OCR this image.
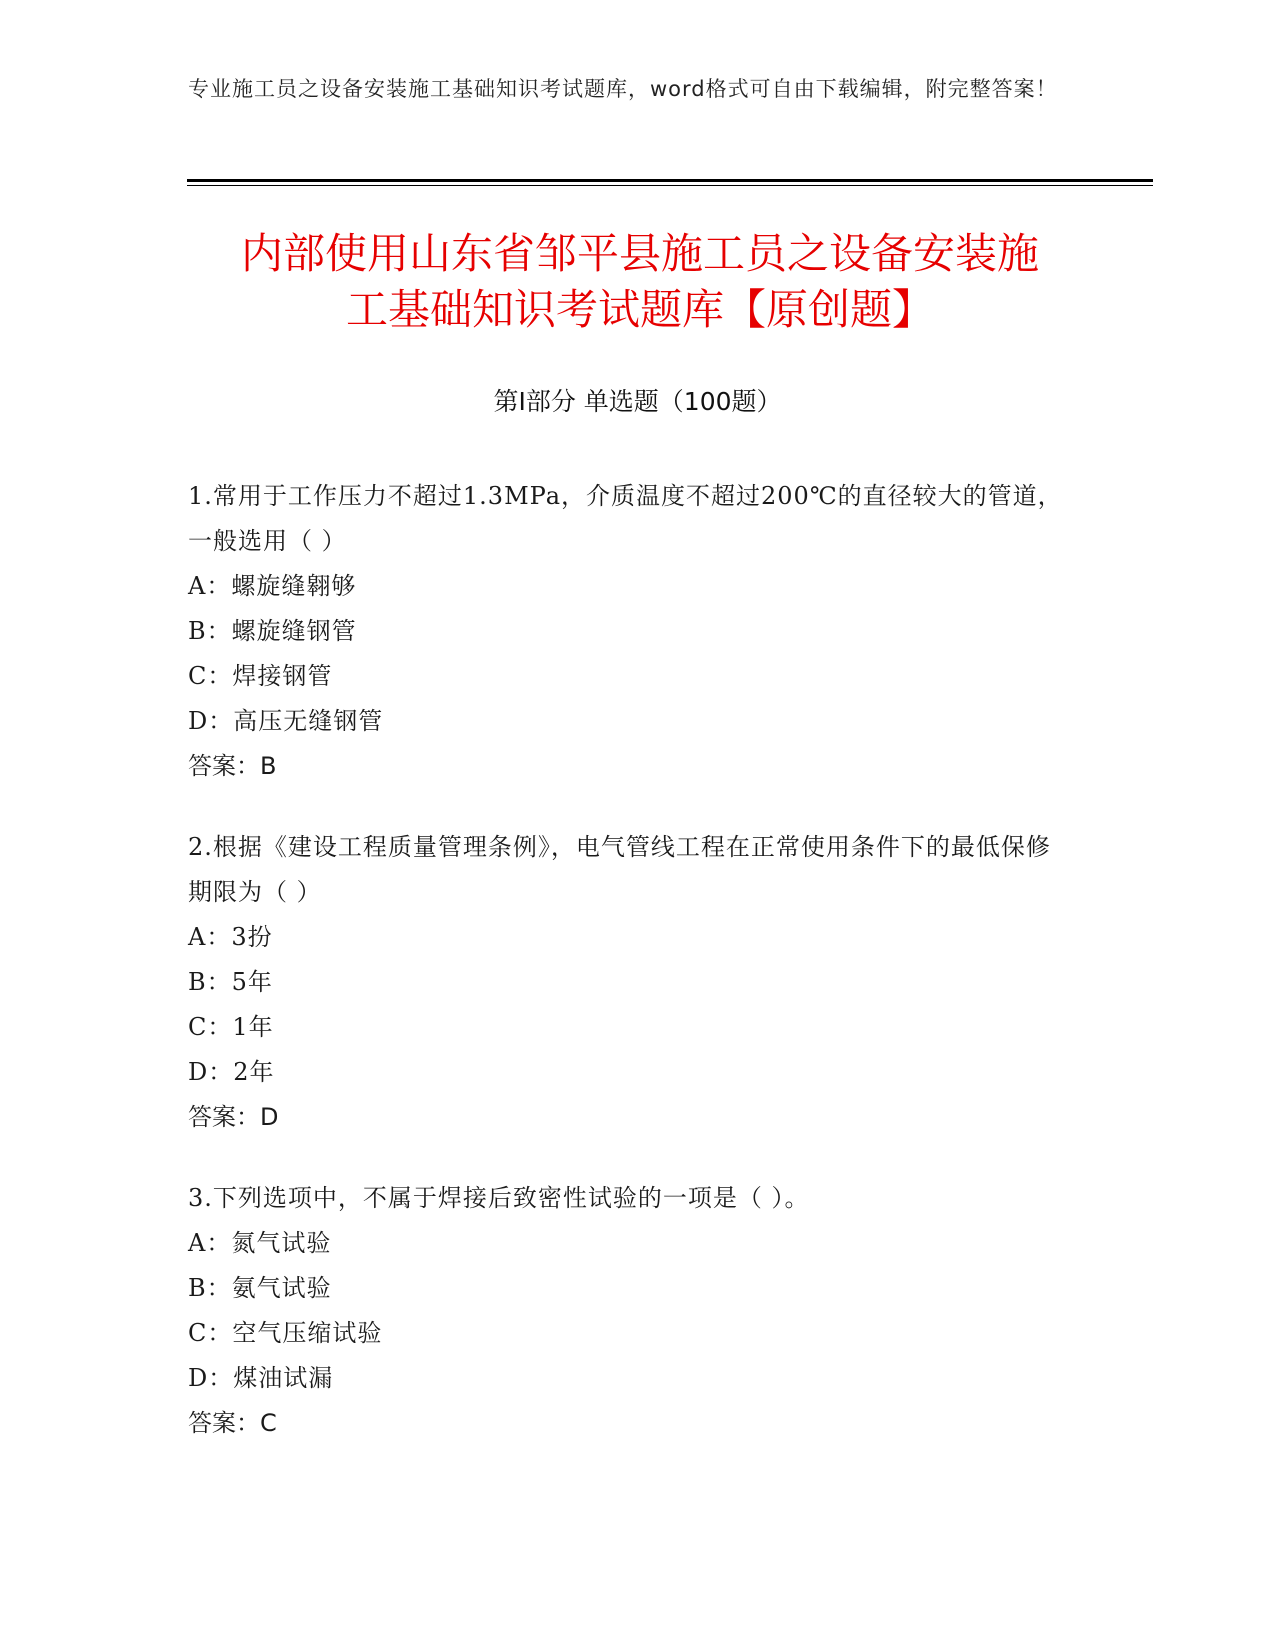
专业施工员之设备安装施工基础知识考试题库，word格式可自由下载编辑，附完整答案！
内部使用山东省邹平县施工员之设备安装施
工基础知识考试题库【原创题】
第Ⅰ部分 单选题（100题）

1.常用于工作压力不超过1.3MPa，介质温度不超过200℃的直径较大的管道，一般选用（ ）

A：螺旋缝翱够

B：螺旋缝钢管

C：焊接钢管

D：高压无缝钢管

答案：B

2.根据《建设工程质量管理条例》，电气管线工程在正常使用条件下的最低保修期限为（ ）

A：3扮

B：5年

C：1年

D：2年

答案：D

3.下列选项中，不属于焊接后致密性试验的一项是（ ）。

A：氮气试验

B：氨气试验

C：空气压缩试验

D：煤油试漏

答案：C
